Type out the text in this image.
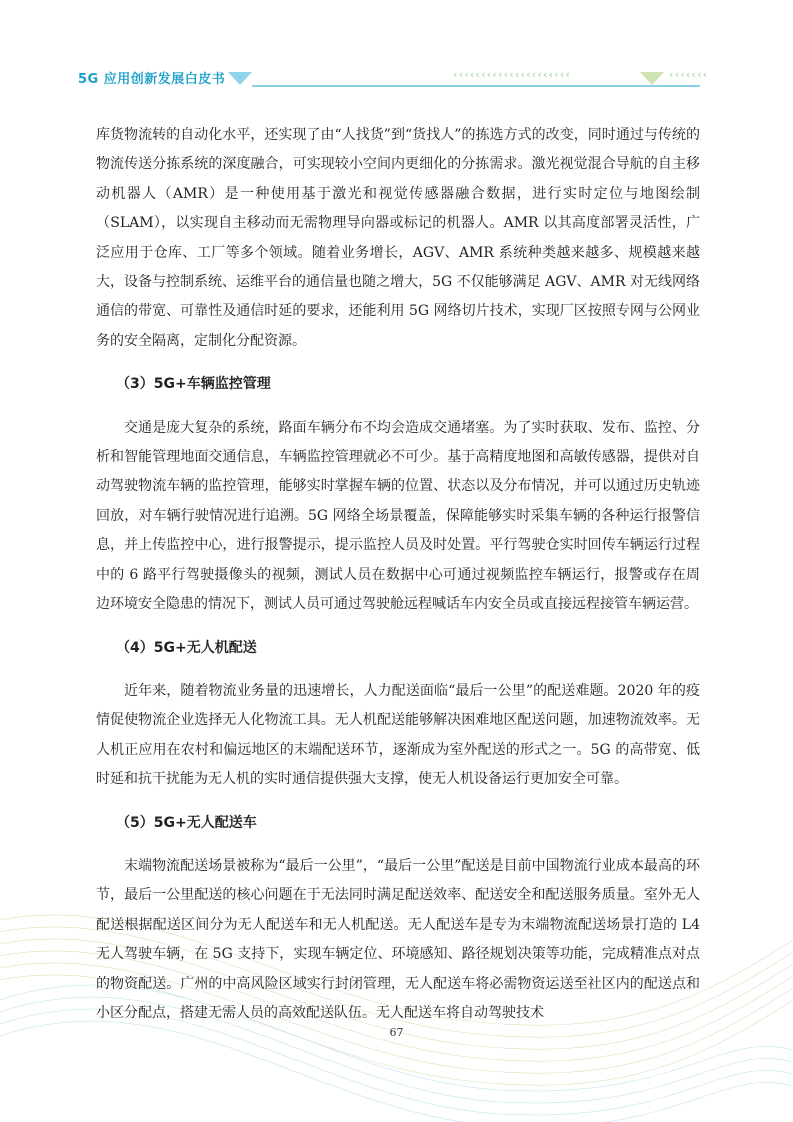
5G 应用创新发展白皮书	‹‹‹‹‹‹‹‹‹‹‹‹‹‹‹‹‹‹‹‹‹	‹‹‹‹‹‹‹

库货物流转的自动化水平，还实现了由“人找货”到“货找人”的拣选方式的改变，同时通过与传统的物流传送分拣系统的深度融合，可实现较小空间内更细化的分拣需求。激光视觉混合导航的自主移动机器人（AMR）是一种使用基于激光和视觉传感器融合数据，进行实时定位与地图绘制（SLAM），以实现自主移动而无需物理导向器或标记的机器人。AMR 以其高度部署灵活性，广泛应用于仓库、工厂等多个领域。随着业务增长，AGV、AMR 系统种类越来越多、规模越来越大，设备与控制系统、运维平台的通信量也随之增大，5G 不仅能够满足 AGV、AMR 对无线网络通信的带宽、可靠性及通信时延的要求，还能利用 5G 网络切片技术，实现厂区按照专网与公网业务的安全隔离，定制化分配资源。

（3）5G+车辆监控管理

交通是庞大复杂的系统，路面车辆分布不均会造成交通堵塞。为了实时获取、发布、监控、分析和智能管理地面交通信息，车辆监控管理就必不可少。基于高精度地图和高敏传感器，提供对自动驾驶物流车辆的监控管理，能够实时掌握车辆的位置、状态以及分布情况，并可以通过历史轨迹回放，对车辆行驶情况进行追溯。5G 网络全场景覆盖，保障能够实时采集车辆的各种运行报警信息，并上传监控中心，进行报警提示，提示监控人员及时处置。平行驾驶仓实时回传车辆运行过程中的 6 路平行驾驶摄像头的视频，测试人员在数据中心可通过视频监控车辆运行，报警或存在周边环境安全隐患的情况下，测试人员可通过驾驶舱远程喊话车内安全员或直接远程接管车辆运营。

（4）5G+无人机配送

近年来，随着物流业务量的迅速增长，人力配送面临“最后一公里”的配送难题。2020 年的疫情促使物流企业选择无人化物流工具。无人机配送能够解决困难地区配送问题，加速物流效率。无人机正应用在农村和偏远地区的末端配送环节，逐渐成为室外配送的形式之一。5G 的高带宽、低时延和抗干扰能为无人机的实时通信提供强大支撑，使无人机设备运行更加安全可靠。

（5）5G+无人配送车

末端物流配送场景被称为“最后一公里”，“最后一公里”配送是目前中国物流行业成本最高的环节，最后一公里配送的核心问题在于无法同时满足配送效率、配送安全和配送服务质量。室外无人配送根据配送区间分为无人配送车和无人机配送。无人配送车是专为末端物流配送场景打造的 L4 无人驾驶车辆，在 5G 支持下，实现车辆定位、环境感知、路径规划决策等功能，完成精准点对点的物资配送。广州的中高风险区域实行封闭管理，无人配送车将必需物资运送至社区内的配送点和小区分配点，搭建无需人员的高效配送队伍。无人配送车将自动驾驶技术

67
